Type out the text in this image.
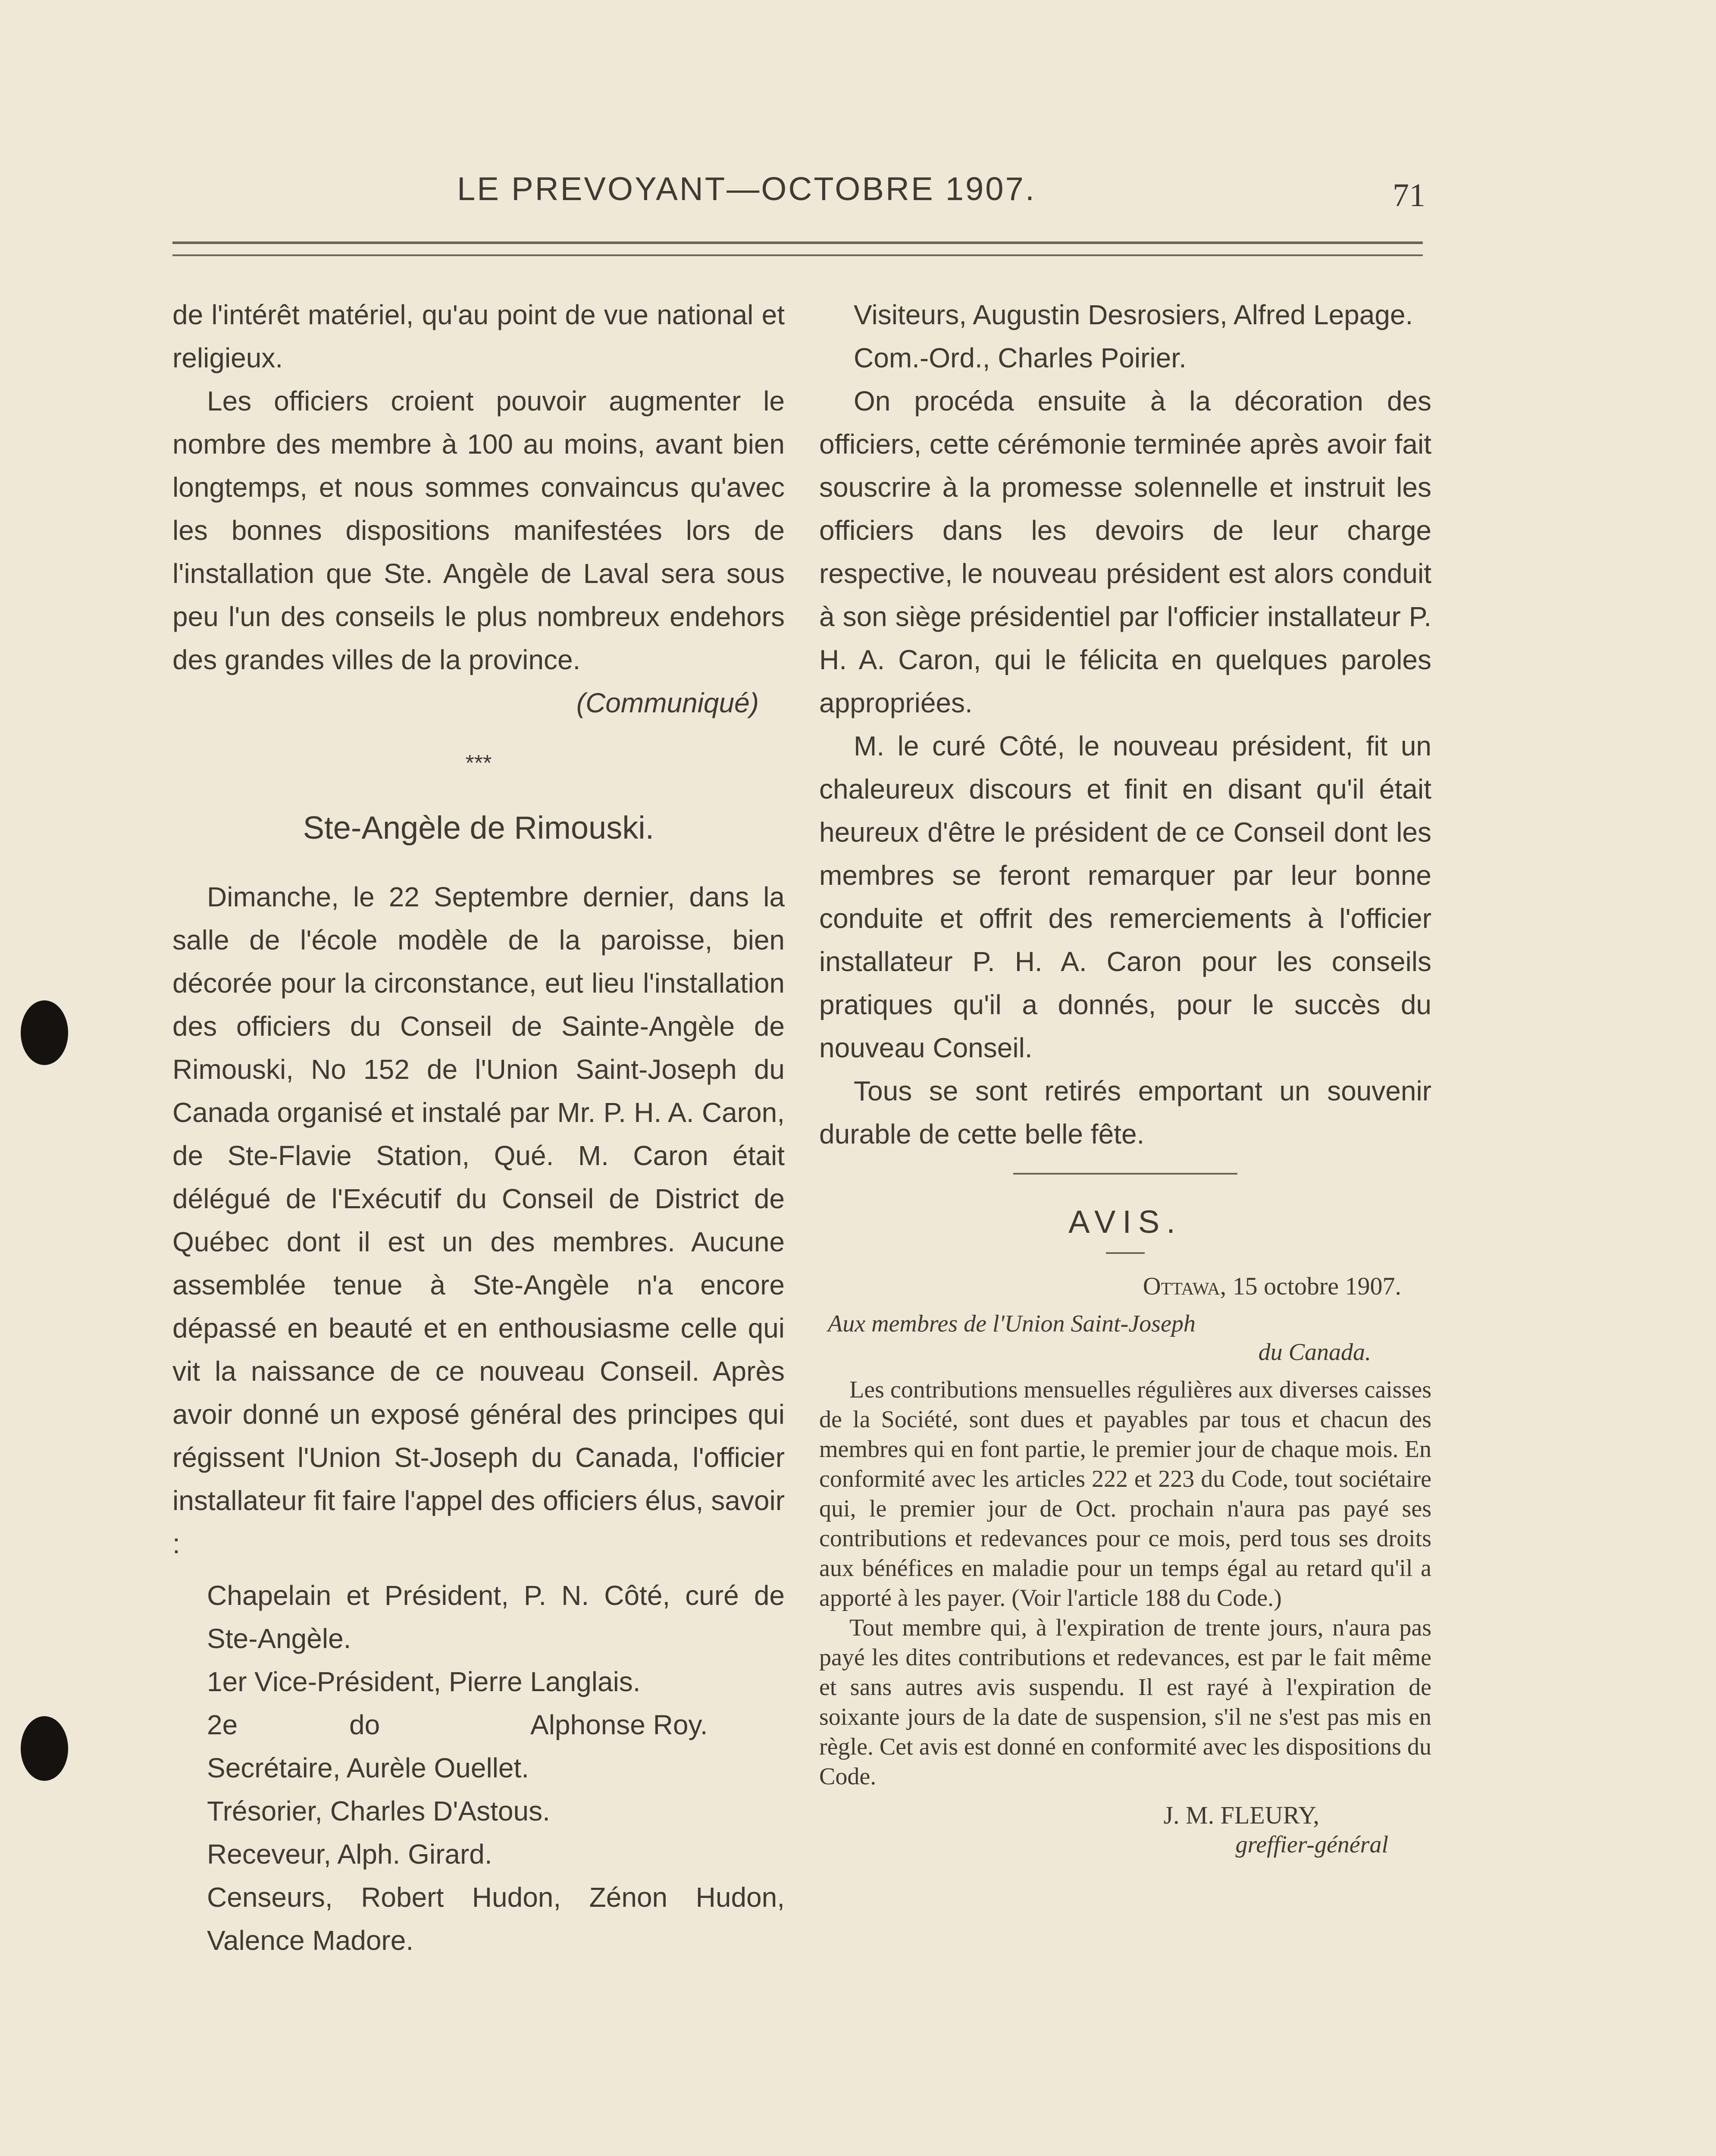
LE PREVOYANT—OCTOBRE 1907.	71

de l'intérêt matériel, qu'au point de vue national et religieux.

Les officiers croient pouvoir augmenter le nombre des membre à 100 au moins, avant bien longtemps, et nous sommes convaincus qu'avec les bonnes dispositions manifestées lors de l'installation que Ste. Angèle de Laval sera sous peu l'un des conseils le plus nombreux endehors des grandes villes de la province.

(Communiqué)

***

Ste-Angèle de Rimouski.

Dimanche, le 22 Septembre dernier, dans la salle de l'école modèle de la paroisse, bien décorée pour la circonstance, eut lieu l'installation des officiers du Conseil de Sainte-Angèle de Rimouski, No 152 de l'Union Saint-Joseph du Canada organisé et instalé par Mr. P. H. A. Caron, de Ste-Flavie Station, Qué. M. Caron était délégué de l'Exécutif du Conseil de District de Québec dont il est un des membres. Aucune assemblée tenue à Ste-Angèle n'a encore dépassé en beauté et en enthousiasme celle qui vit la naissance de ce nouveau Conseil. Après avoir donné un exposé général des principes qui régissent l'Union St-Joseph du Canada, l'officier installateur fit faire l'appel des officiers élus, savoir :

Chapelain et Président, P. N. Côté, curé de Ste-Angèle.

1er Vice-Président, Pierre Langlais.

2e	do	Alphonse Roy.

Secrétaire, Aurèle Ouellet.

Trésorier, Charles D'Astous.

Receveur, Alph. Girard.

Censeurs, Robert Hudon, Zénon Hudon, Valence Madore.

Visiteurs, Augustin Desrosiers, Alfred Lepage.

Com.-Ord., Charles Poirier.

On procéda ensuite à la décoration des officiers, cette cérémonie terminée après avoir fait souscrire à la promesse solennelle et instruit les officiers dans les devoirs de leur charge respective, le nouveau président est alors conduit à son siège présidentiel par l'officier installateur P. H. A. Caron, qui le félicita en quelques paroles appropriées.

M. le curé Côté, le nouveau président, fit un chaleureux discours et finit en disant qu'il était heureux d'être le président de ce Conseil dont les membres se feront remarquer par leur bonne conduite et offrit des remerciements à l'officier installateur P. H. A. Caron pour les conseils pratiques qu'il a donnés, pour le succès du nouveau Conseil.

Tous se sont retirés emportant un souvenir durable de cette belle fête.

AVIS.

Ottawa, 15 octobre 1907.

Aux membres de l'Union Saint-Joseph

du Canada.

Les contributions mensuelles régulières aux diverses caisses de la Société, sont dues et payables par tous et chacun des membres qui en font partie, le premier jour de chaque mois. En conformité avec les articles 222 et 223 du Code, tout sociétaire qui, le premier jour de Oct. prochain n'aura pas payé ses contributions et redevances pour ce mois, perd tous ses droits aux bénéfices en maladie pour un temps égal au retard qu'il a apporté à les payer. (Voir l'article 188 du Code.)

Tout membre qui, à l'expiration de trente jours, n'aura pas payé les dites contributions et redevances, est par le fait même et sans autres avis suspendu. Il est rayé à l'expiration de soixante jours de la date de suspension, s'il ne s'est pas mis en règle. Cet avis est donné en conformité avec les dispositions du Code.

J. M. FLEURY,

greffier-général
